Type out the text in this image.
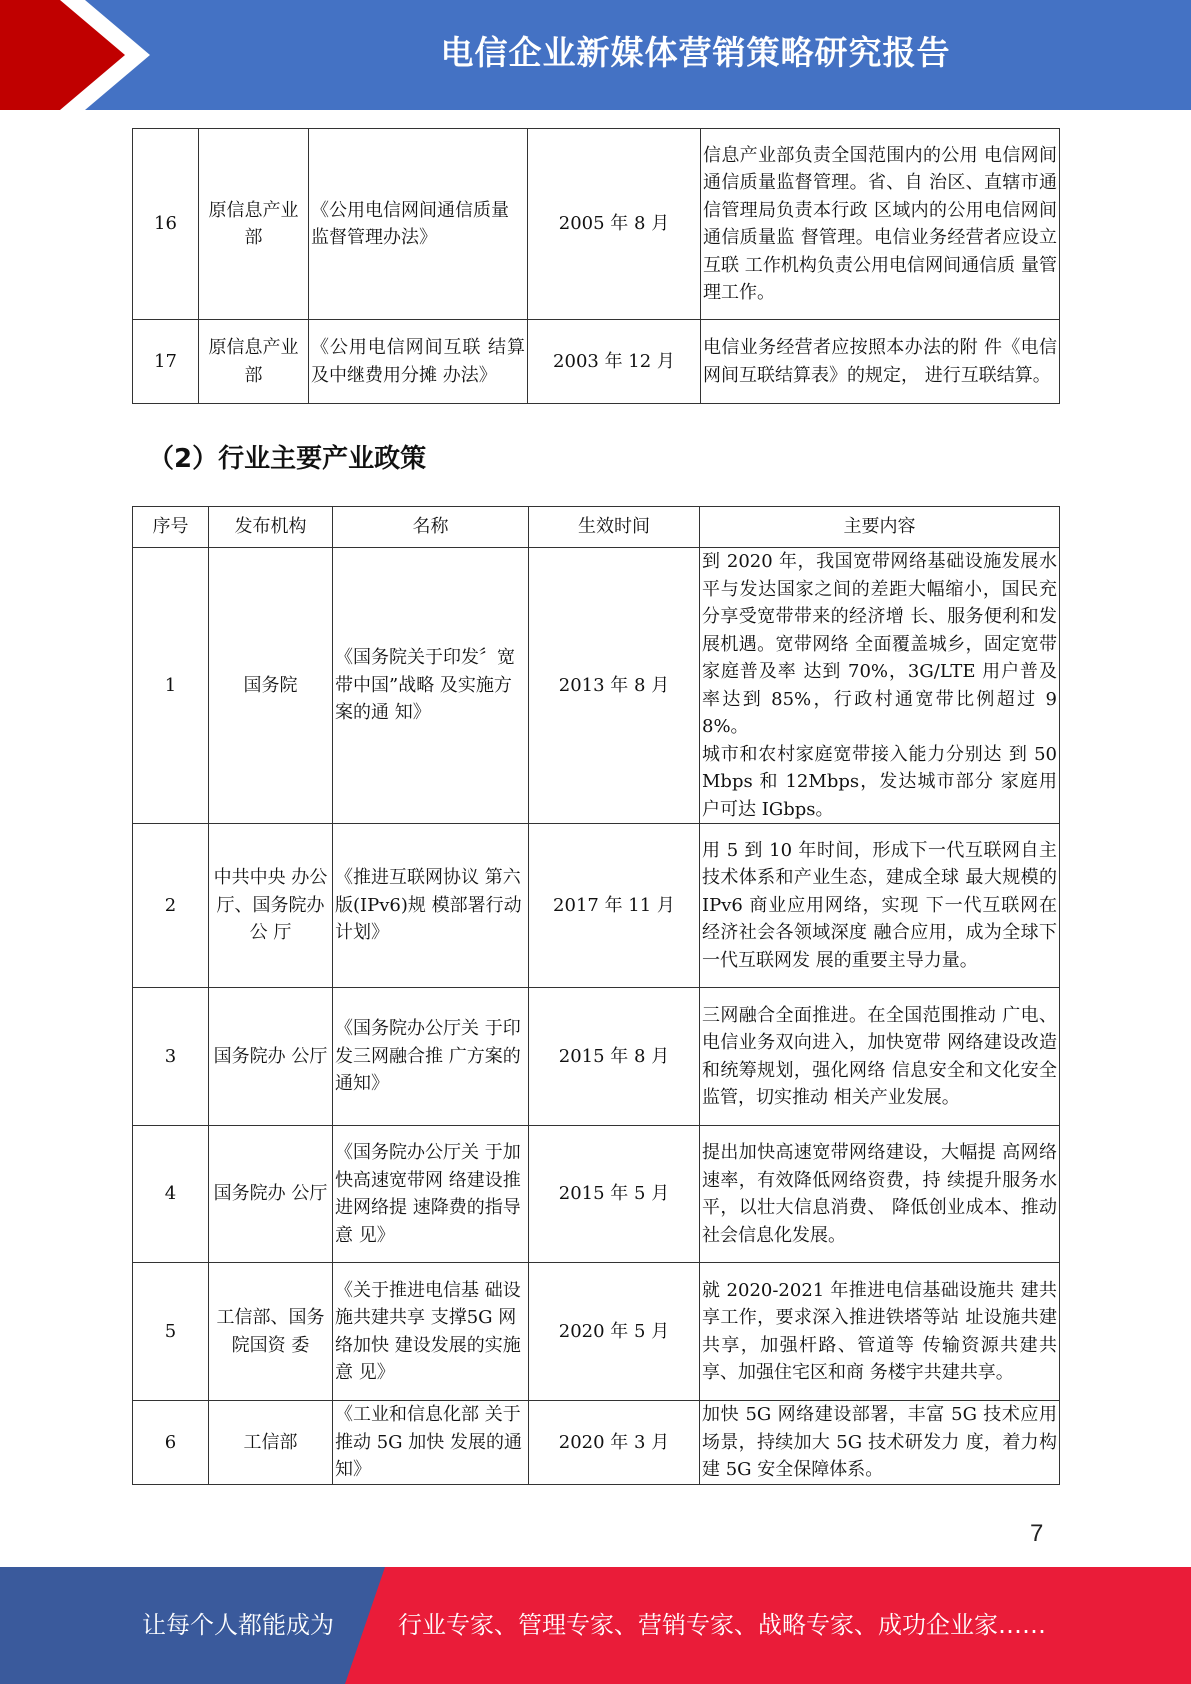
电信企业新媒体营销策略研究报告
16	原信息产业部	《公用电信网间通信质量监督管理办法》	2005 年 8 月	信息产业部负责全国范围内的公用 电信网间通信质量监督管理。省、自 治区、直辖市通信管理局负责本行政 区域内的公用电信网间通信质量监 督管理。电信业务经营者应设立互联 工作机构负责公用电信网间通信质 量管理工作。
17	原信息产业部	《公用电信网间互联 结算及中继费用分摊 办法》	2003 年 12 月	电信业务经营者应按照本办法的附 件《电信网间互联结算表》的规定， 进行互联结算。
（2）行业主要产业政策
序号	发布机构	名称	生效时间	主要内容
1	国务院	《国务院关于印发〞宽带中国”战略 及实施方案的通 知》	2013 年 8 月	到 2020 年，我国宽带网络基础设施发展水平与发达国家之间的差距大幅缩小，国民充分享受宽带带来的经济增 长、服务便利和发展机遇。宽带网络 全面覆盖城乡，固定宽带家庭普及率 达到 70%，3G/LTE 用户普及率达到 85%，行政村通宽带比例超过 98%。
城市和农村家庭宽带接入能力分别达 到 50Mbps 和 12Mbps，发达城市部分 家庭用户可达 IGbps。

2	中共中央 办公厅、国务院办公 厅	《推进互联网协议 第六版(IPv6)规 模部署行动计划》	2017 年 11 月	用 5 到 10 年时间，形成下一代互联网自主技术体系和产业生态，建成全球 最大规模的 IPv6 商业应用网络，实现 下一代互联网在经济社会各领域深度 融合应用，成为全球下一代互联网发 展的重要主导力量。
3	国务院办 公厅	《国务院办公厅关 于印发三网融合推 广方案的通知》	2015 年 8 月	三网融合全面推进。在全国范围推动 广电、电信业务双向进入，加快宽带 网络建设改造和统筹规划，强化网络 信息安全和文化安全监管，切实推动 相关产业发展。
4	国务院办 公厅	《国务院办公厅关 于加快高速宽带网 络建设推进网络提 速降费的指导意 见》	2015 年 5 月	提出加快高速宽带网络建设，大幅提 高网络速率，有效降低网络资费，持 续提升服务水平，以壮大信息消费、 降低创业成本、推动社会信息化发展。
5	工信部、国务院国资 委	《关于推进电信基 础设施共建共享 支撑5G 网络加快 建设发展的实施意 见》	2020 年 5 月	就 2020-2021 年推进电信基础设施共 建共享工作，要求深入推进铁塔等站 址设施共建共享，加强杆路、管道等 传输资源共建共享、加强住宅区和商 务楼宇共建共享。
6	工信部	《工业和信息化部 关于推动 5G 加快 发展的通知》	2020 年 3 月	加快 5G 网络建设部署，丰富 5G 技术应用场景，持续加大 5G 技术研发力 度，着力构建 5G 安全保障体系。
7
让每个人都能成为	行业专家、管理专家、营销专家、战略专家、成功企业家……
